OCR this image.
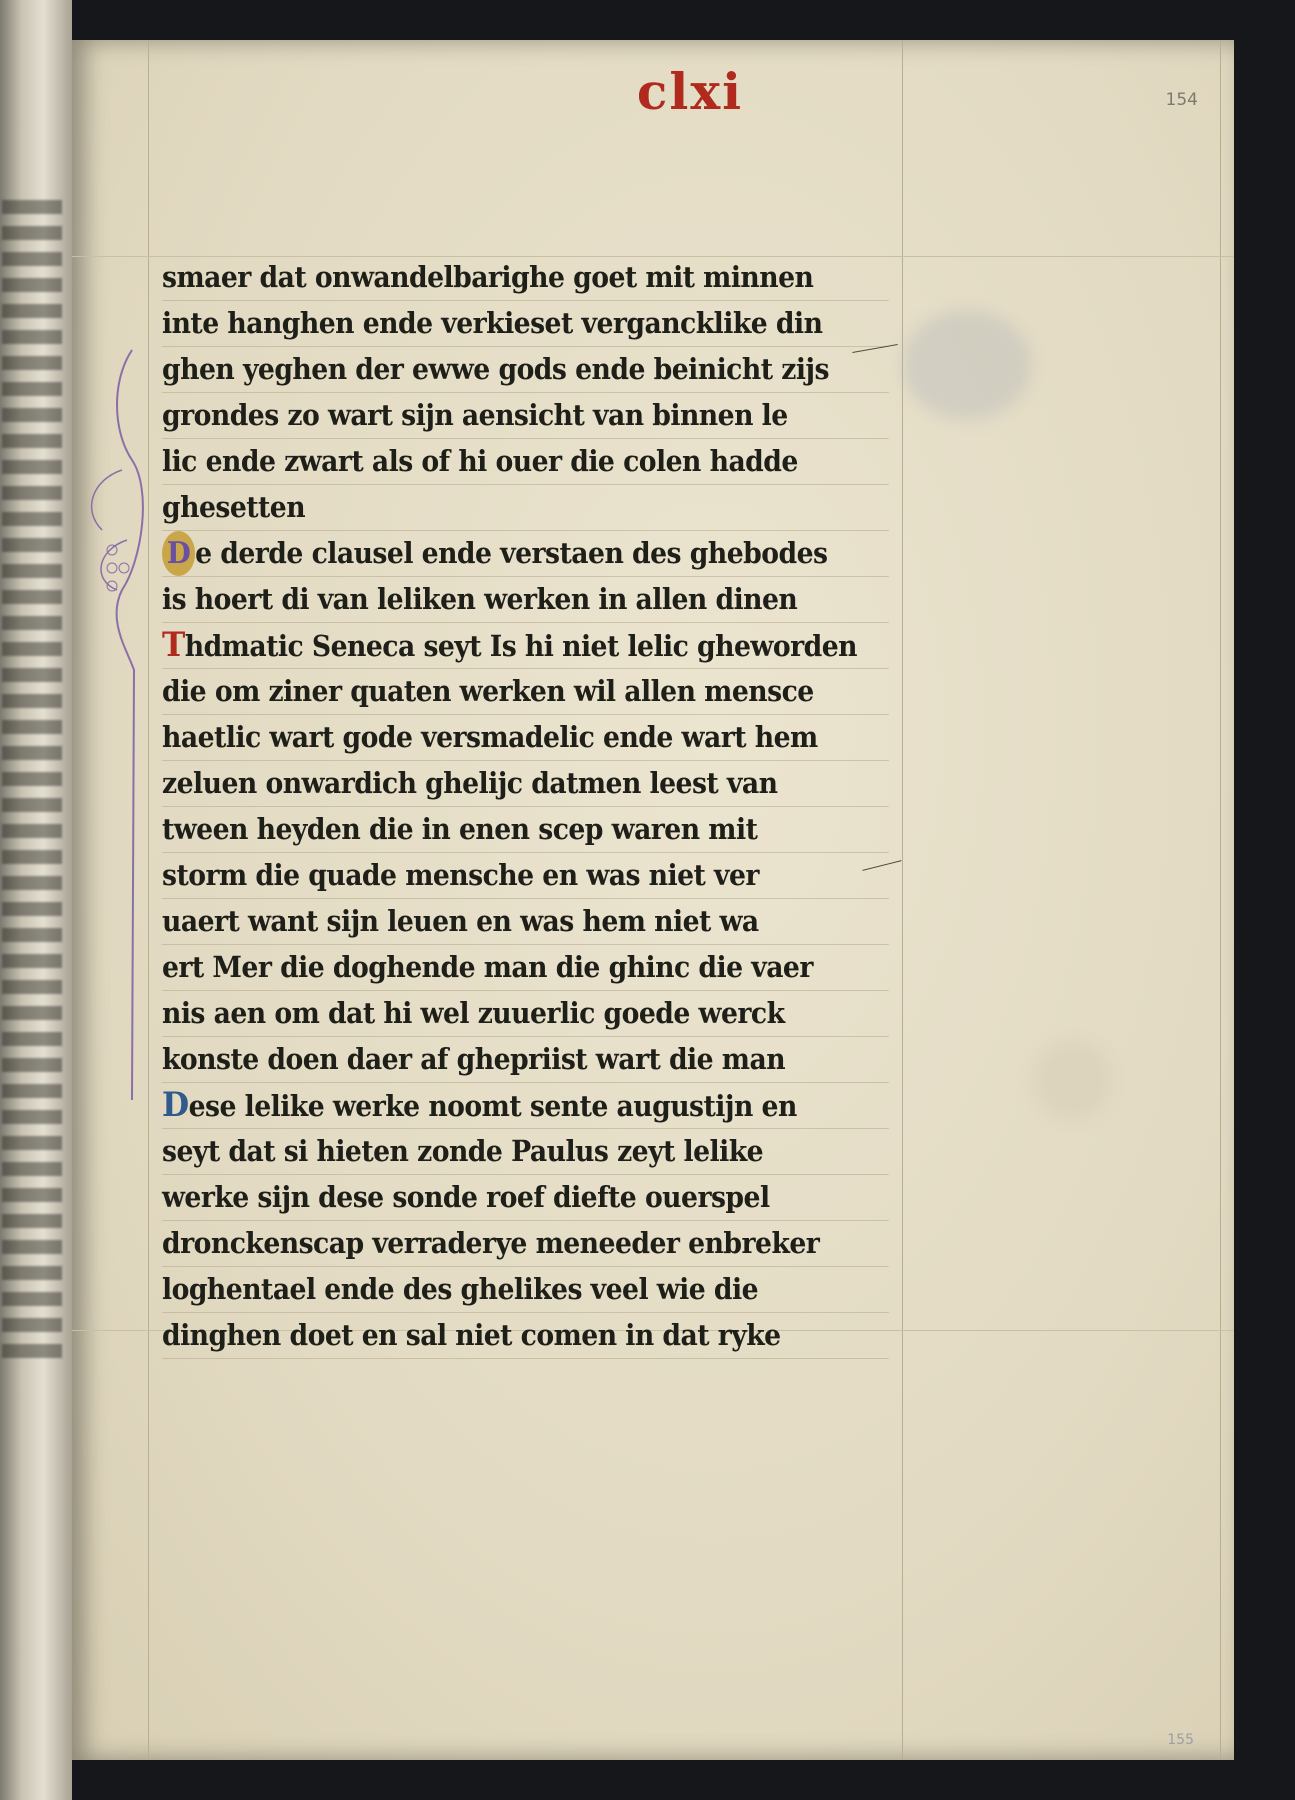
clxi	154
155
smaer dat onwandelbarighe goet mit minnen
inte hanghen ende verkieset vergancklike din
ghen yeghen der ewwe gods ende beinicht zijs
grondes zo wart sijn aensicht van binnen le
lic ende zwart als of hi ouer die colen hadde
ghesetten
D e derde clausel ende verstaen des ghebodes
is hoert di van leliken werken in allen dinen
Thdmatic Seneca seyt Is hi niet lelic gheworden
die om ziner quaten werken wil allen mensce
haetlic wart gode versmadelic ende wart hem
zeluen onwardich ghelijc datmen leest van
tween heyden die in enen scep waren mit
storm die quade mensche en was niet ver
uaert want sijn leuen en was hem niet wa
ert Mer die doghende man die ghinc die vaer
nis aen om dat hi wel zuuerlic goede werck
konste doen daer af ghepriist wart die man
Dese lelike werke noomt sente augustijn en
seyt dat si hieten zonde Paulus zeyt lelike
werke sijn dese sonde roef diefte ouerspel
dronckenscap verraderye meneeder enbreker
loghentael ende des ghelikes veel wie die
dinghen doet en sal niet comen in dat ryke
